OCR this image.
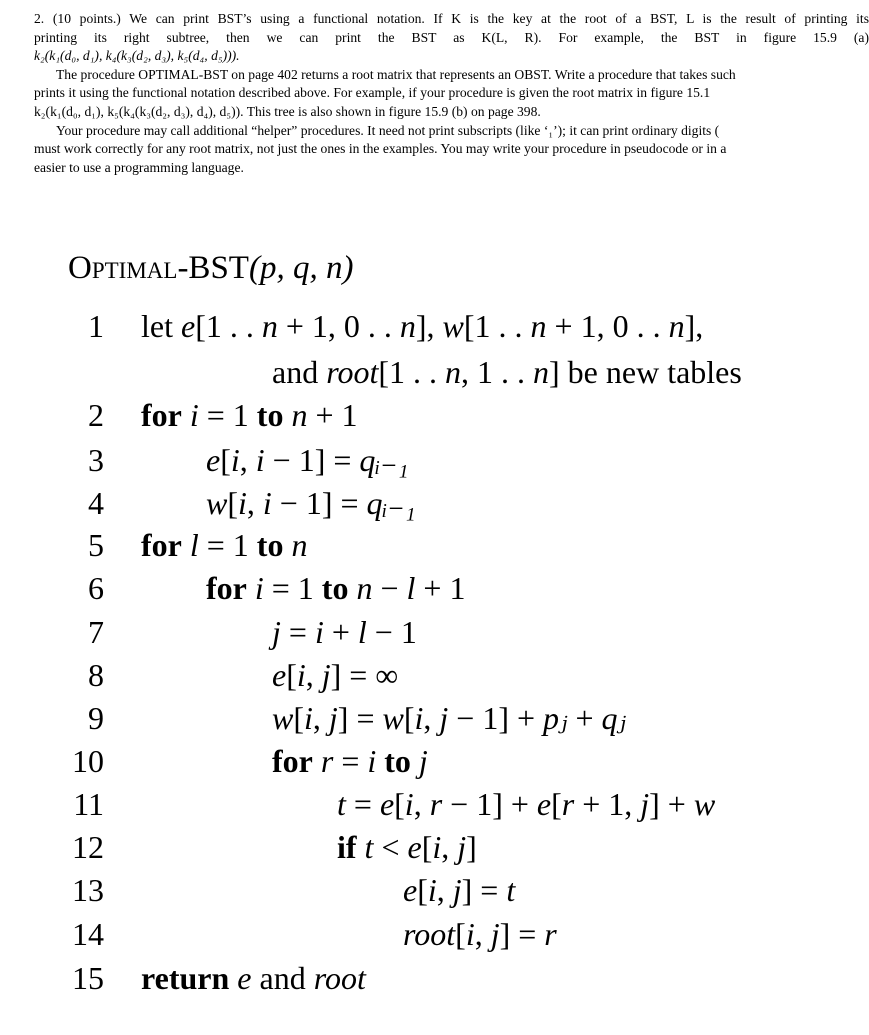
2. (10 points.) We can print BST’s using a functional notation. If K is the key at the root of a BST, L is the result of printing its
printing its right subtree, then we can print the BST as K(L, R). For example, the BST in figure 15.9 (a)
k₂(k₁(d₀, d₁), k₄(k₃(d₂, d₃), k₅(d₄, d₅))).
The procedure OPTIMAL-BST on page 402 returns a root matrix that represents an OBST. Write a procedure that takes such
prints it using the functional notation described above. For example, if your procedure is given the root matrix in figure 15.1
k₂(k₁(d₀, d₁), k₅(k₄(k₃(d₂, d₃), d₄), d₅)). This tree is also shown in figure 15.9 (b) on page 398.
Your procedure may call additional “helper” procedures. It need not print subscripts (like ‘₁’); it can print ordinary digits (
must work correctly for any root matrix, not just the ones in the examples. You may write your procedure in pseudocode or in a
easier to use a programming language.
Optimal-BST(p, q, n)
1 let e[1 . . n + 1, 0 . . n], w[1 . . n + 1, 0 . . n],
and root[1 . . n, 1 . . n] be new tables
2 for i = 1 to n + 1
3	e[i, i − 1] = qᵢ₋₁
4	w[i, i − 1] = qᵢ₋₁
5 for l = 1 to n
6	for i = 1 to n − l + 1
7	j = i + l − 1
8	e[i, j] = ∞
9	w[i, j] = w[i, j − 1] + pⱼ + qⱼ
10	for r = i to j
11	t = e[i, r − 1] + e[r + 1, j] + w
12	if t < e[i, j]
13	e[i, j] = t
14	root[i, j] = r
15 return e and root
